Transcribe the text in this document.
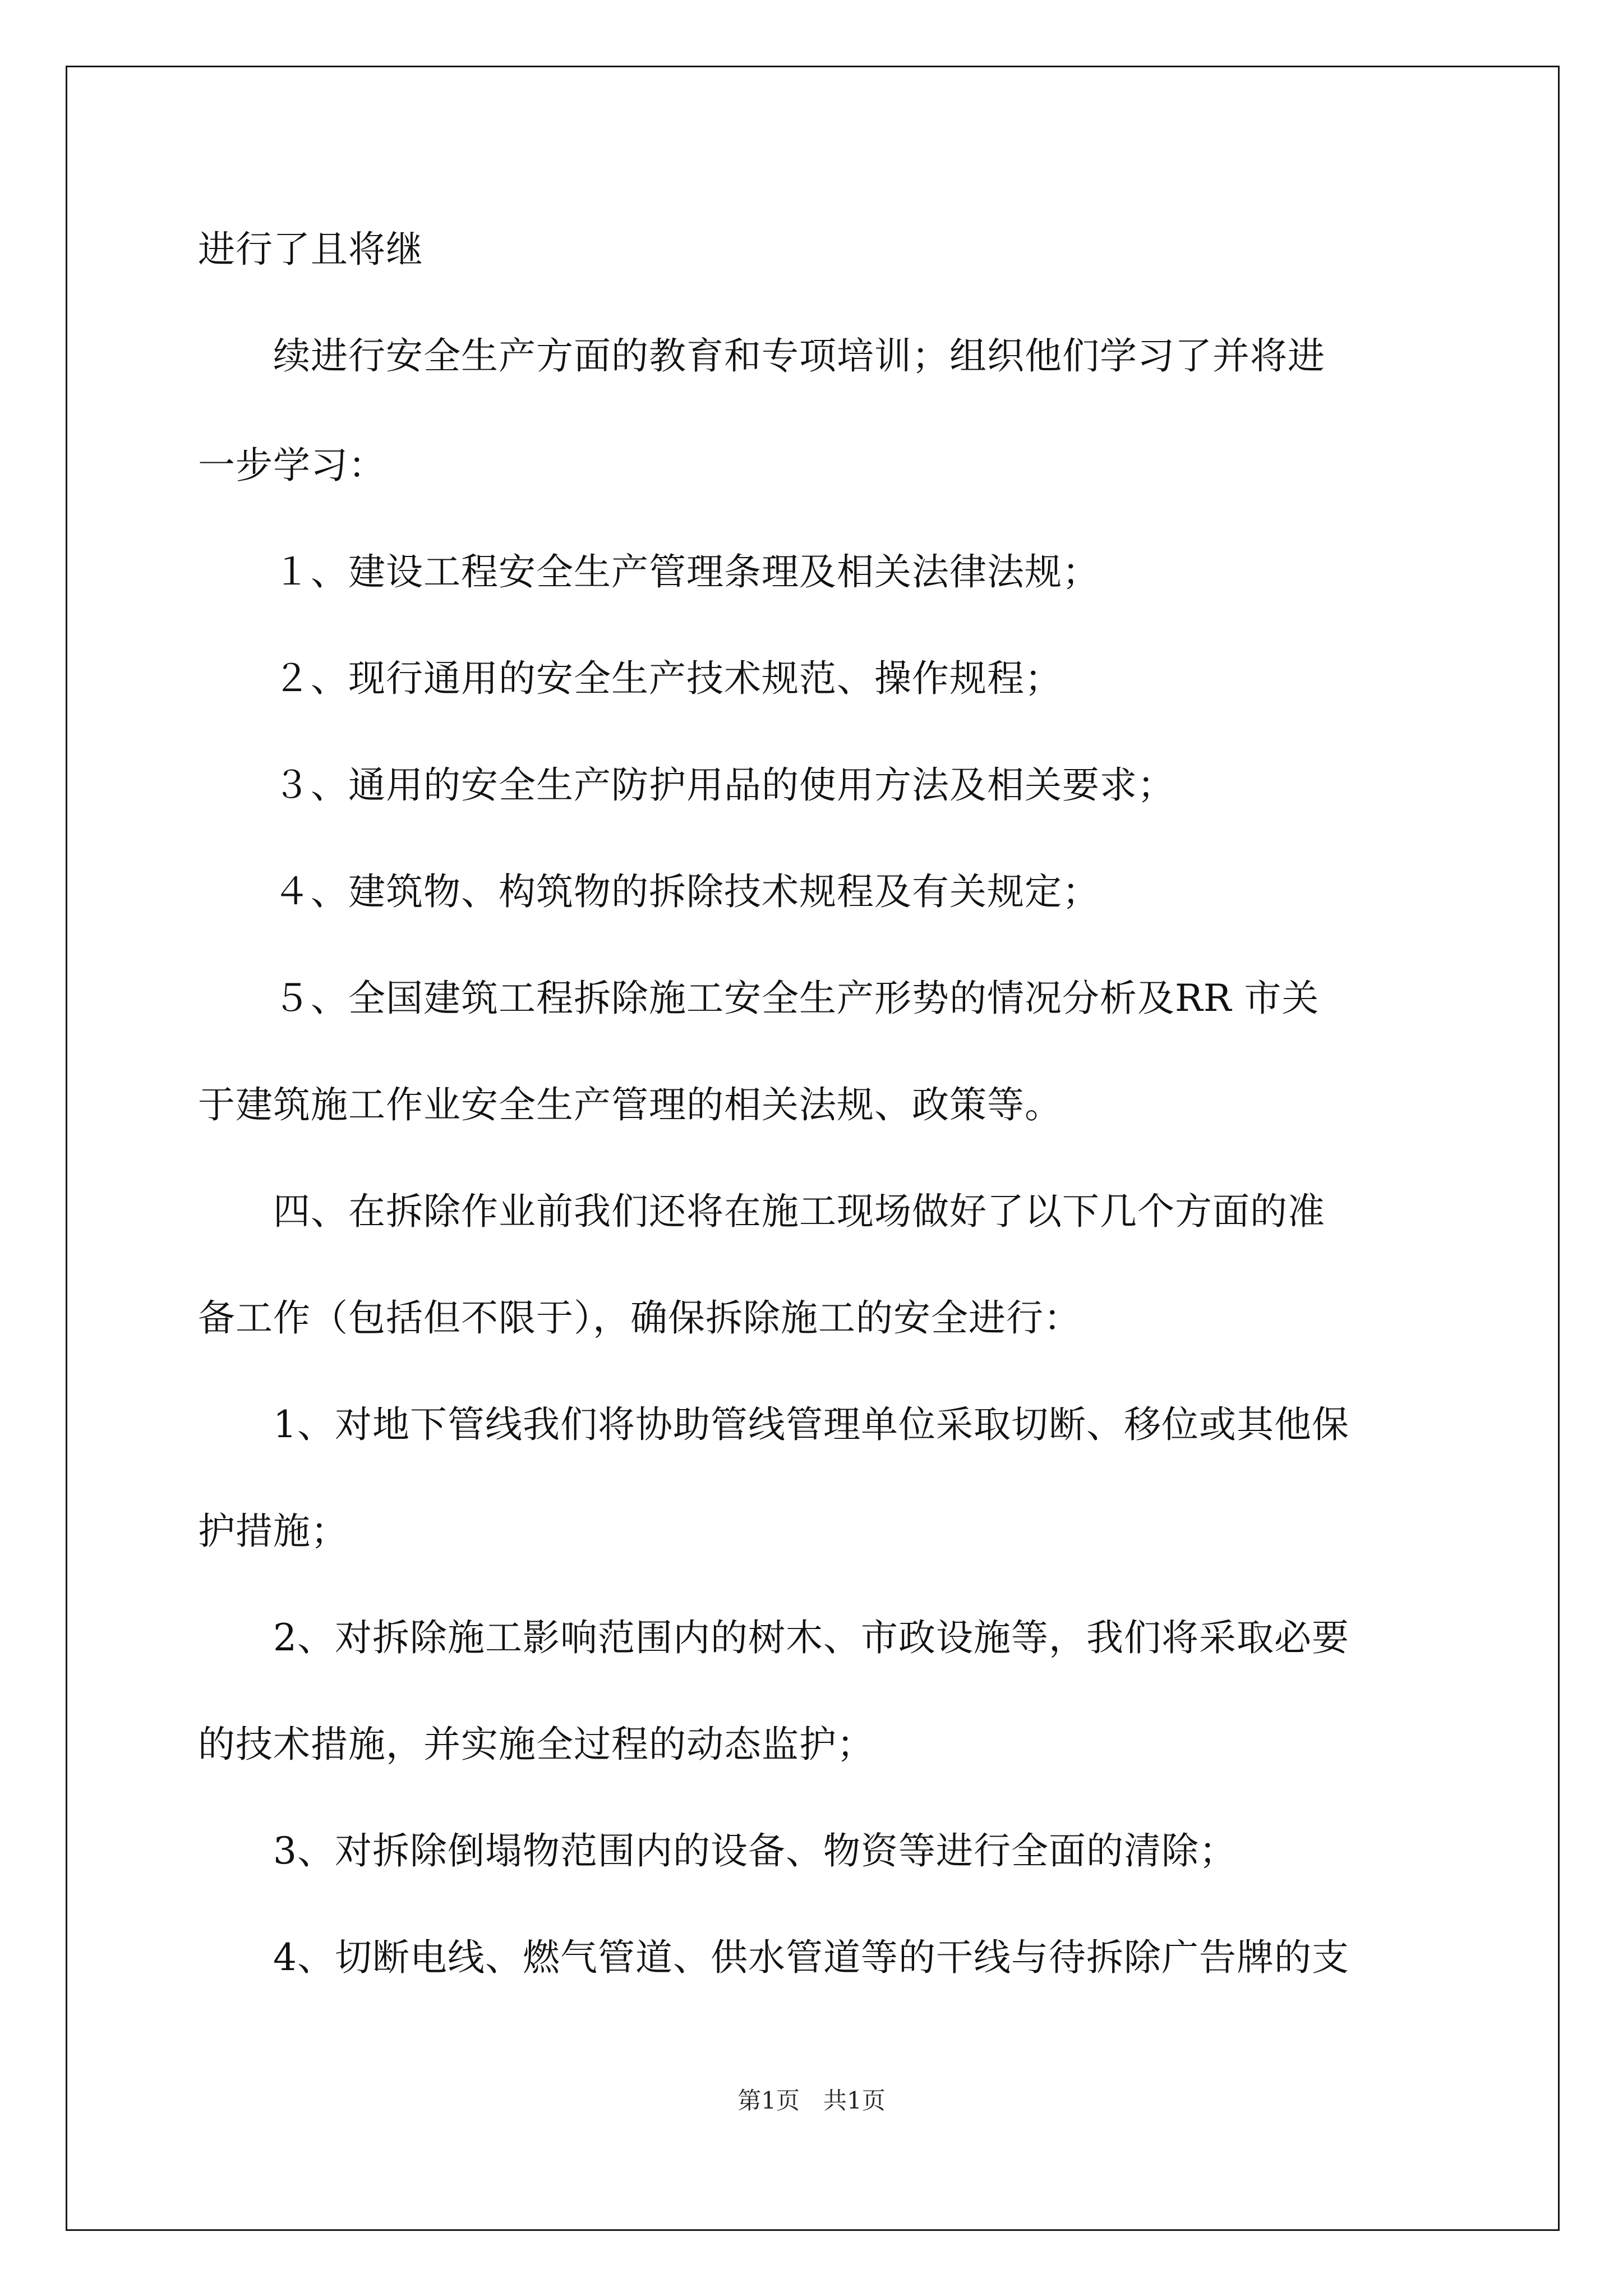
进行了且将继
　　续进行安全生产方面的教育和专项培训；组织他们学习了并将进
一步学习：
　　１、建设工程安全生产管理条理及相关法律法规；
　　２、现行通用的安全生产技术规范、操作规程；
　　３、通用的安全生产防护用品的使用方法及相关要求；
　　４、建筑物、构筑物的拆除技术规程及有关规定；
　　５、全国建筑工程拆除施工安全生产形势的情况分析及RR 市关
于建筑施工作业安全生产管理的相关法规、政策等。
　　四、在拆除作业前我们还将在施工现场做好了以下几个方面的准
备工作（包括但不限于），确保拆除施工的安全进行：
　　1、对地下管线我们将协助管线管理单位采取切断、移位或其他保
护措施；
　　2、对拆除施工影响范围内的树木、市政设施等，我们将采取必要
的技术措施，并实施全过程的动态监护；
　　3、对拆除倒塌物范围内的设备、物资等进行全面的清除；
　　4、切断电线、燃气管道、供水管道等的干线与待拆除广告牌的支
第1页　共1页
